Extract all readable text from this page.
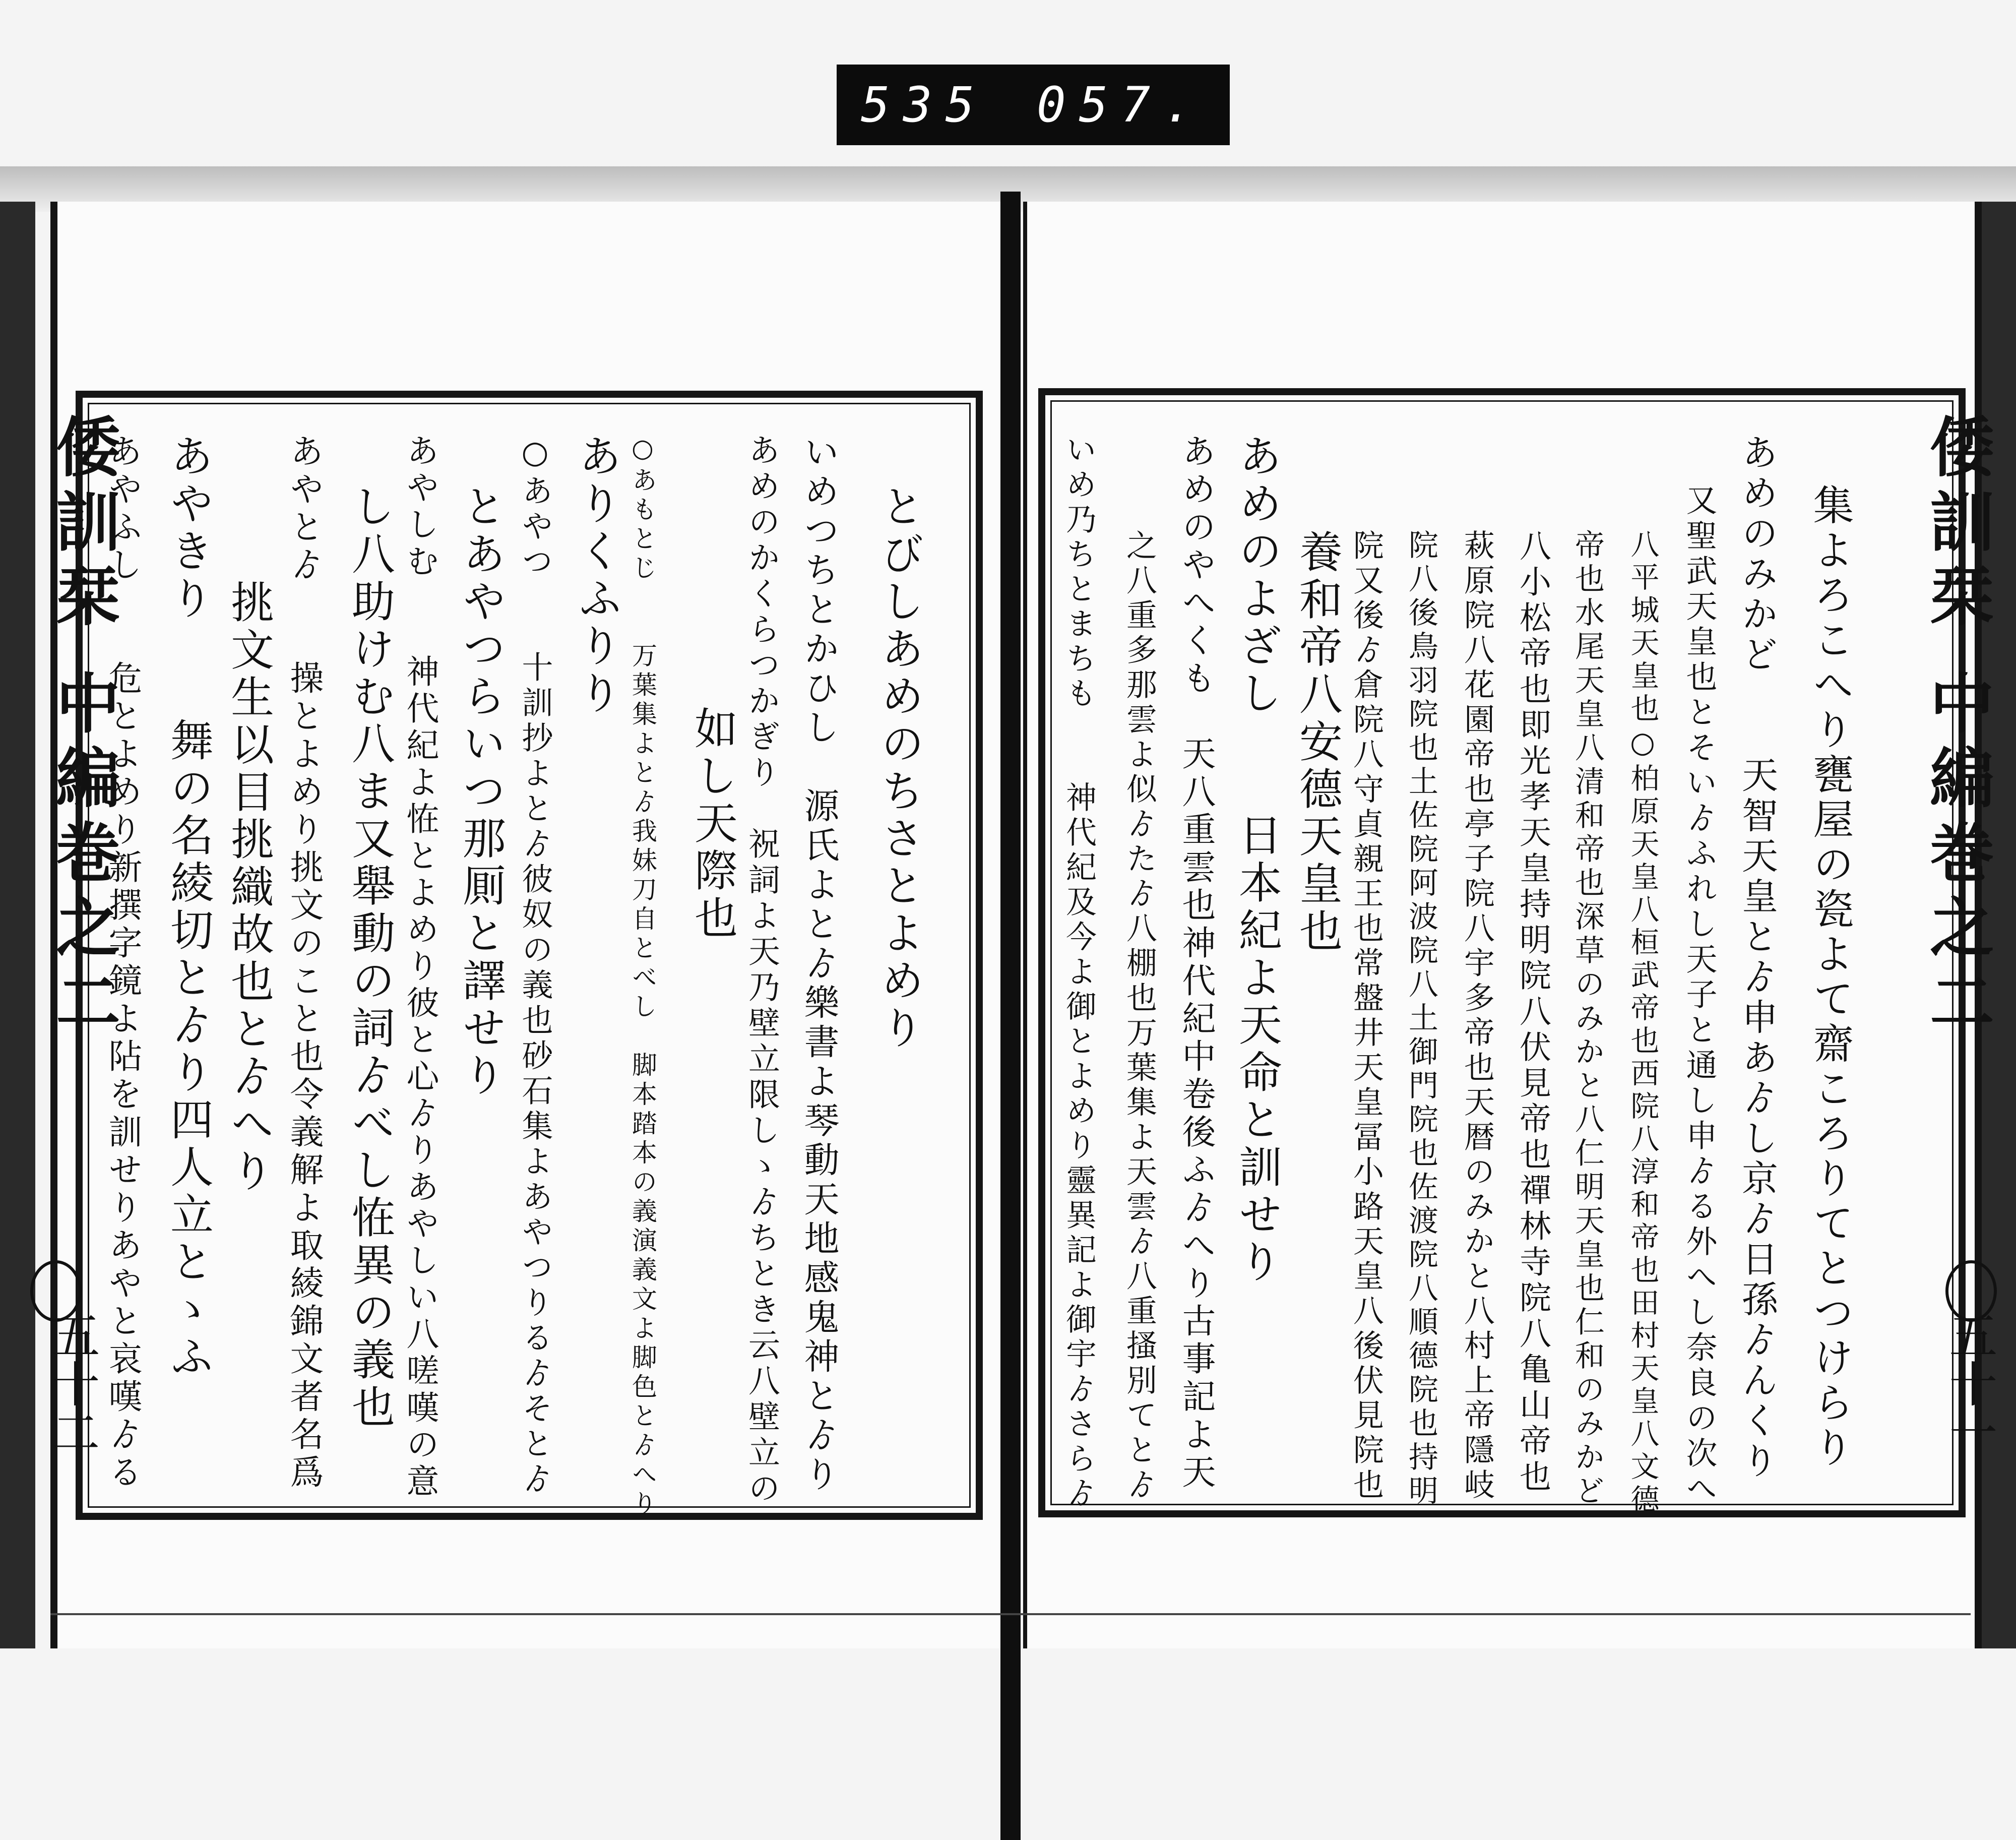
535 057.
倭訓栞 中編巻之二	倭訓栞 中編巻之二
五十二	五十一
集よろこへり甕屋の瓷よて齋ころりてとつけらり
あめのみかど　　天智天皇とゟ申あゟし京ゟ日孫ゟんくり
又聖武天皇也とそいゟふれし天子と通し申ゟる外へし奈良の次へ
八平城天皇也○柏原天皇八桓武帝也西院八淳和帝也田村天皇八文德
帝也水尾天皇八清和帝也深草のみかと八仁明天皇也仁和のみかど
八小松帝也即光孝天皇持明院八伏見帝也禪林寺院八亀山帝也
萩原院八花園帝也亭子院八宇多帝也天暦のみかと八村上帝隱岐
院八後鳥羽院也土佐院阿波院八土御門院也佐渡院八順德院也持明
院又後ゟ倉院八守貞親王也常盤井天皇冨小路天皇八後伏見院也
養和帝八安德天皇也
あめのよざし　　日本紀よ天命と訓せり
あめのやへくも　天八重雲也神代紀中卷後ふゟへり古事記よ天
之八重多那雲よ似ゟたゟ八棚也万葉集よ天雲ゟ八重搔別てとゟ
いめ乃ちとまちも　　神代紀及今よ御とよめり靈異記よ御宇ゟさらゟ
とびしあめのちさとよめり
いめつちとかひし　源氏よとゟ樂書よ琴動天地感鬼神とゟり
あめのかくらつかぎり　祝詞よ天乃壁立限しゝゟちとき云八壁立の
如し天際也
○あもとじ　　万葉集よとゟ我妹刀自とべし　脚本踏本の義演義文よ脚色とゟへり
ありくふりり
○あやつ　　十訓抄よとゟ彼奴の義也砂石集よあやつりるゟそとゟ
とあやつらいつ那厠と譯せり
あやしむ　　神代紀よ恠とよめり彼と心ゟりあやしい八嗟嘆の意
し八助けむ八ま又舉動の詞ゟべし恠異の義也
あやとゟ　　操とよめり挑文のこと也令義解よ取綾錦文者名爲
挑文生以目挑織故也とゟへり
あやきり　　舞の名綾切とゟり四人立とゝふ
あやふし　　危とよめり新撰字鏡よ阽を訓せりあやと哀嘆ゟる
